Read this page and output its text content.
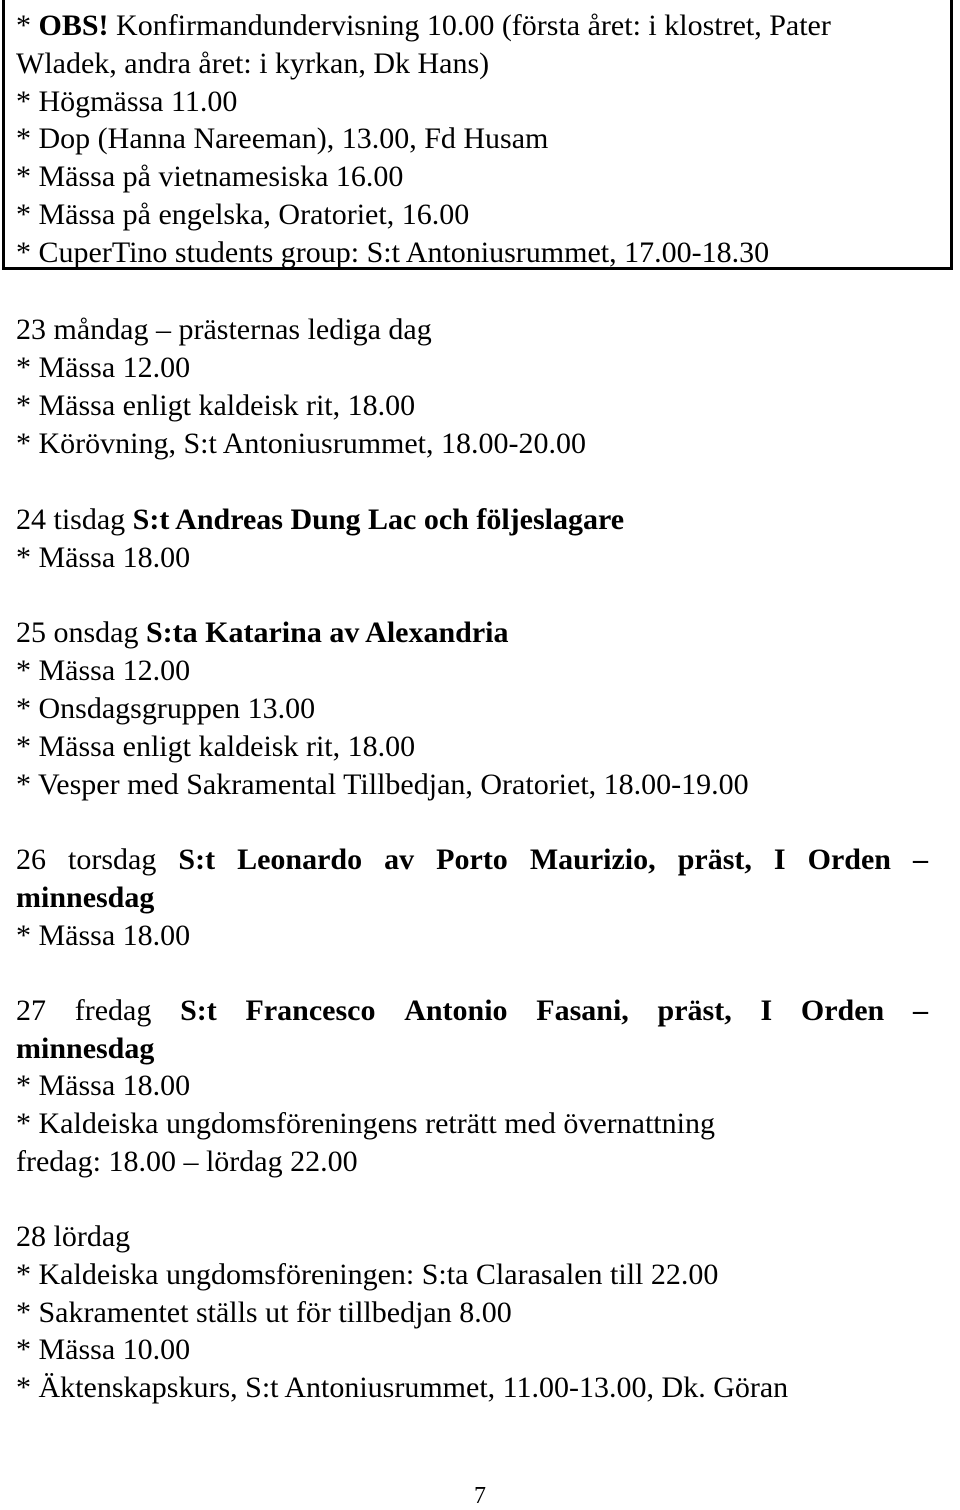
* OBS! Konfirmandundervisning 10.00 (första året: i klostret, Pater
Wladek, andra året: i kyrkan, Dk Hans)
* Högmässa 11.00
* Dop (Hanna Nareeman), 13.00, Fd Husam
* Mässa på vietnamesiska 16.00
* Mässa på engelska, Oratoriet, 16.00
* CuperTino students group: S:t Antoniusrummet, 17.00-18.30
23 måndag – prästernas lediga dag
* Mässa 12.00
* Mässa enligt kaldeisk rit, 18.00
* Körövning, S:t Antoniusrummet, 18.00-20.00
24 tisdag S:t Andreas Dung Lac och följeslagare
* Mässa 18.00
25 onsdag S:ta Katarina av Alexandria
* Mässa 12.00
* Onsdagsgruppen 13.00
* Mässa enligt kaldeisk rit, 18.00
* Vesper med Sakramental Tillbedjan, Oratoriet, 18.00-19.00
26 torsdag S:t Leonardo av Porto Maurizio, präst, I Orden –
minnesdag
* Mässa 18.00
27 fredag S:t Francesco Antonio Fasani, präst, I Orden –
minnesdag
* Mässa 18.00
* Kaldeiska ungdomsföreningens reträtt med övernattning
fredag: 18.00 – lördag 22.00
28 lördag
* Kaldeiska ungdomsföreningen: S:ta Clarasalen till 22.00
* Sakramentet ställs ut för tillbedjan 8.00
* Mässa 10.00
* Äktenskapskurs, S:t Antoniusrummet, 11.00-13.00, Dk. Göran
7
